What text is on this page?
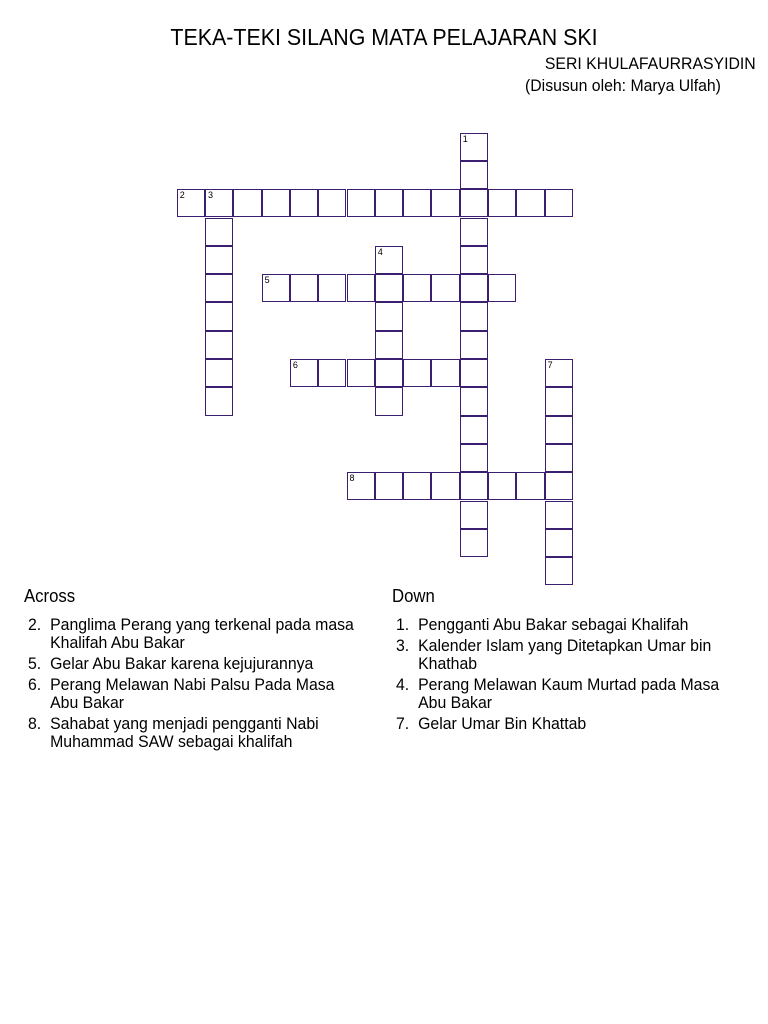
TEKA-TEKI SILANG MATA PELAJARAN SKI
SERI KHULAFAURRASYIDIN
(Disusun oleh: Marya Ulfah)
2	3
1
4
5
6	7
8
Across
2. Panglima Perang yang terkenal pada masa Khalifah Abu Bakar
5. Gelar Abu Bakar karena kejujurannya
6. Perang Melawan Nabi Palsu Pada Masa Abu Bakar
8. Sahabat yang menjadi pengganti Nabi Muhammad SAW sebagai khalifah
Down
1. Pengganti Abu Bakar sebagai Khalifah
3. Kalender Islam yang Ditetapkan Umar bin Khathab
4. Perang Melawan Kaum Murtad pada Masa Abu Bakar
7. Gelar Umar Bin Khattab
